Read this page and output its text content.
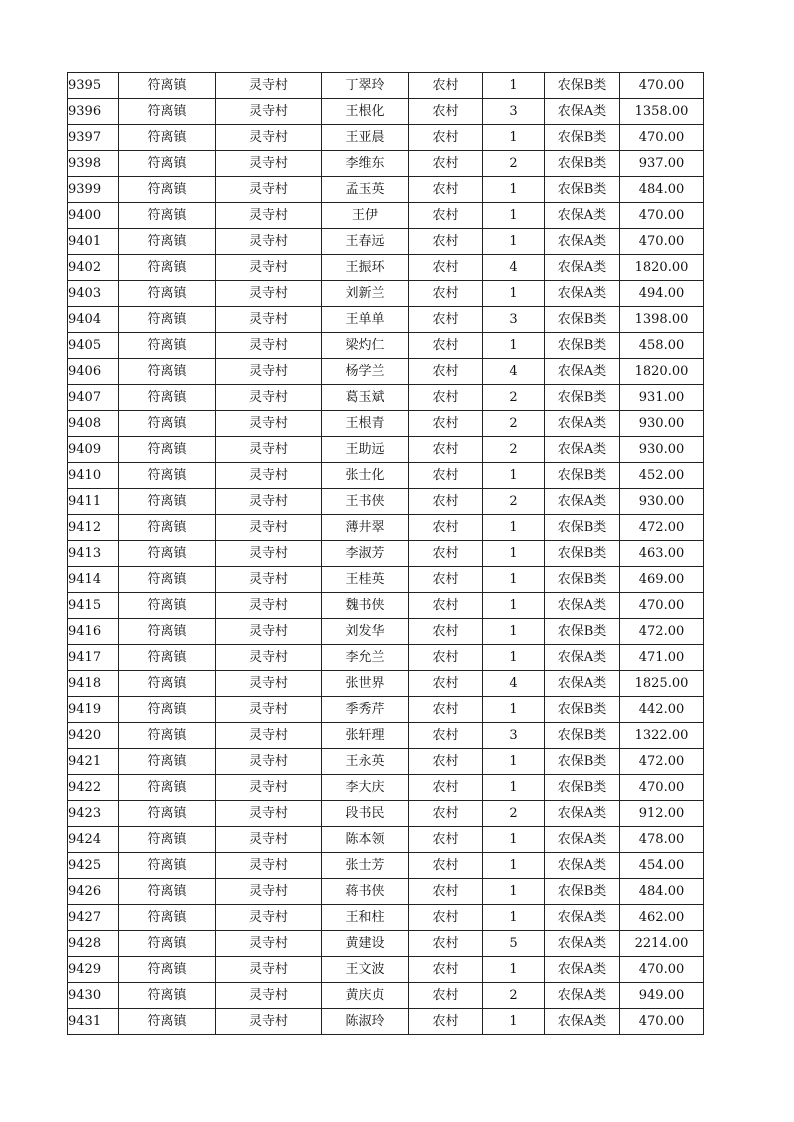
9395	符离镇	灵寺村	丁翠玲	农村	1	农保B类	470.00
9396	符离镇	灵寺村	王根化	农村	3	农保A类	1358.00
9397	符离镇	灵寺村	王亚晨	农村	1	农保B类	470.00
9398	符离镇	灵寺村	李维东	农村	2	农保B类	937.00
9399	符离镇	灵寺村	孟玉英	农村	1	农保B类	484.00
9400	符离镇	灵寺村	王伊	农村	1	农保A类	470.00
9401	符离镇	灵寺村	王春远	农村	1	农保A类	470.00
9402	符离镇	灵寺村	王振环	农村	4	农保A类	1820.00
9403	符离镇	灵寺村	刘新兰	农村	1	农保A类	494.00
9404	符离镇	灵寺村	王单单	农村	3	农保B类	1398.00
9405	符离镇	灵寺村	梁灼仁	农村	1	农保B类	458.00
9406	符离镇	灵寺村	杨学兰	农村	4	农保A类	1820.00
9407	符离镇	灵寺村	葛玉斌	农村	2	农保B类	931.00
9408	符离镇	灵寺村	王根青	农村	2	农保A类	930.00
9409	符离镇	灵寺村	王助远	农村	2	农保A类	930.00
9410	符离镇	灵寺村	张士化	农村	1	农保B类	452.00
9411	符离镇	灵寺村	王书侠	农村	2	农保A类	930.00
9412	符离镇	灵寺村	薄井翠	农村	1	农保B类	472.00
9413	符离镇	灵寺村	李淑芳	农村	1	农保B类	463.00
9414	符离镇	灵寺村	王桂英	农村	1	农保B类	469.00
9415	符离镇	灵寺村	魏书侠	农村	1	农保A类	470.00
9416	符离镇	灵寺村	刘发华	农村	1	农保B类	472.00
9417	符离镇	灵寺村	李允兰	农村	1	农保A类	471.00
9418	符离镇	灵寺村	张世界	农村	4	农保A类	1825.00
9419	符离镇	灵寺村	季秀芹	农村	1	农保B类	442.00
9420	符离镇	灵寺村	张轩理	农村	3	农保B类	1322.00
9421	符离镇	灵寺村	王永英	农村	1	农保B类	472.00
9422	符离镇	灵寺村	李大庆	农村	1	农保B类	470.00
9423	符离镇	灵寺村	段书民	农村	2	农保A类	912.00
9424	符离镇	灵寺村	陈本领	农村	1	农保A类	478.00
9425	符离镇	灵寺村	张士芳	农村	1	农保A类	454.00
9426	符离镇	灵寺村	蒋书侠	农村	1	农保B类	484.00
9427	符离镇	灵寺村	王和柱	农村	1	农保A类	462.00
9428	符离镇	灵寺村	黄建设	农村	5	农保A类	2214.00
9429	符离镇	灵寺村	王文波	农村	1	农保A类	470.00
9430	符离镇	灵寺村	黄庆贞	农村	2	农保A类	949.00
9431	符离镇	灵寺村	陈淑玲	农村	1	农保A类	470.00
